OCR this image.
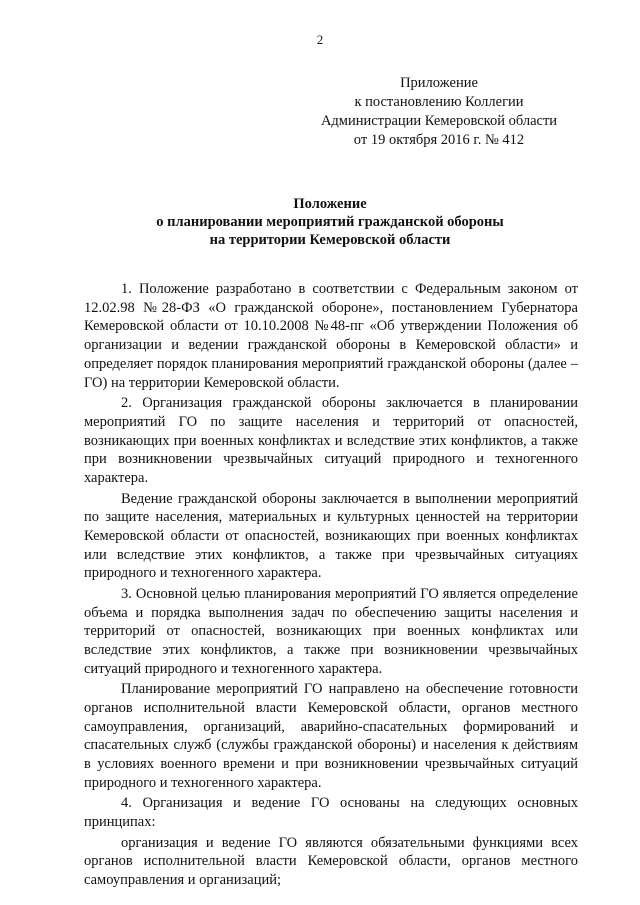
2
Приложение
к постановлению Коллегии
Администрации Кемеровской области
от 19 октября 2016 г. № 412
Положение
о планировании мероприятий гражданской обороны
на территории Кемеровской области

1. Положение разработано в соответствии с Федеральным законом от 12.02.98 №28-ФЗ «О гражданской обороне», постановлением Губернатора Кемеровской области от 10.10.2008 №48-пг «Об утверждении Положения об организации и ведении гражданской обороны в Кемеровской области» и определяет порядок планирования мероприятий гражданской обороны (далее – ГО) на территории Кемеровской области.

2. Организация гражданской обороны заключается в планировании мероприятий ГО по защите населения и территорий от опасностей, возникающих при военных конфликтах и вследствие этих конфликтов, а также при возникновении чрезвычайных ситуаций природного и техногенного характера.

Ведение гражданской обороны заключается в выполнении мероприятий по защите населения, материальных и культурных ценностей на территории Кемеровской области от опасностей, возникающих при военных конфликтах или вследствие этих конфликтов, а также при чрезвычайных ситуациях природного и техногенного характера.

3. Основной целью планирования мероприятий ГО является определение объема и порядка выполнения задач по обеспечению защиты населения и территорий от опасностей, возникающих при военных конфликтах или вследствие этих конфликтов, а также при возникновении чрезвычайных ситуаций природного и техногенного характера.

Планирование мероприятий ГО направлено на обеспечение готовности органов исполнительной власти Кемеровской области, органов местного самоуправления, организаций, аварийно-спасательных формирований и спасательных служб (службы гражданской обороны) и населения к действиям в условиях военного времени и при возникновении чрезвычайных ситуаций природного и техногенного характера.

4. Организация и ведение ГО основаны на следующих основных принципах:

организация и ведение ГО являются обязательными функциями всех органов исполнительной власти Кемеровской области, органов местного самоуправления и организаций;
